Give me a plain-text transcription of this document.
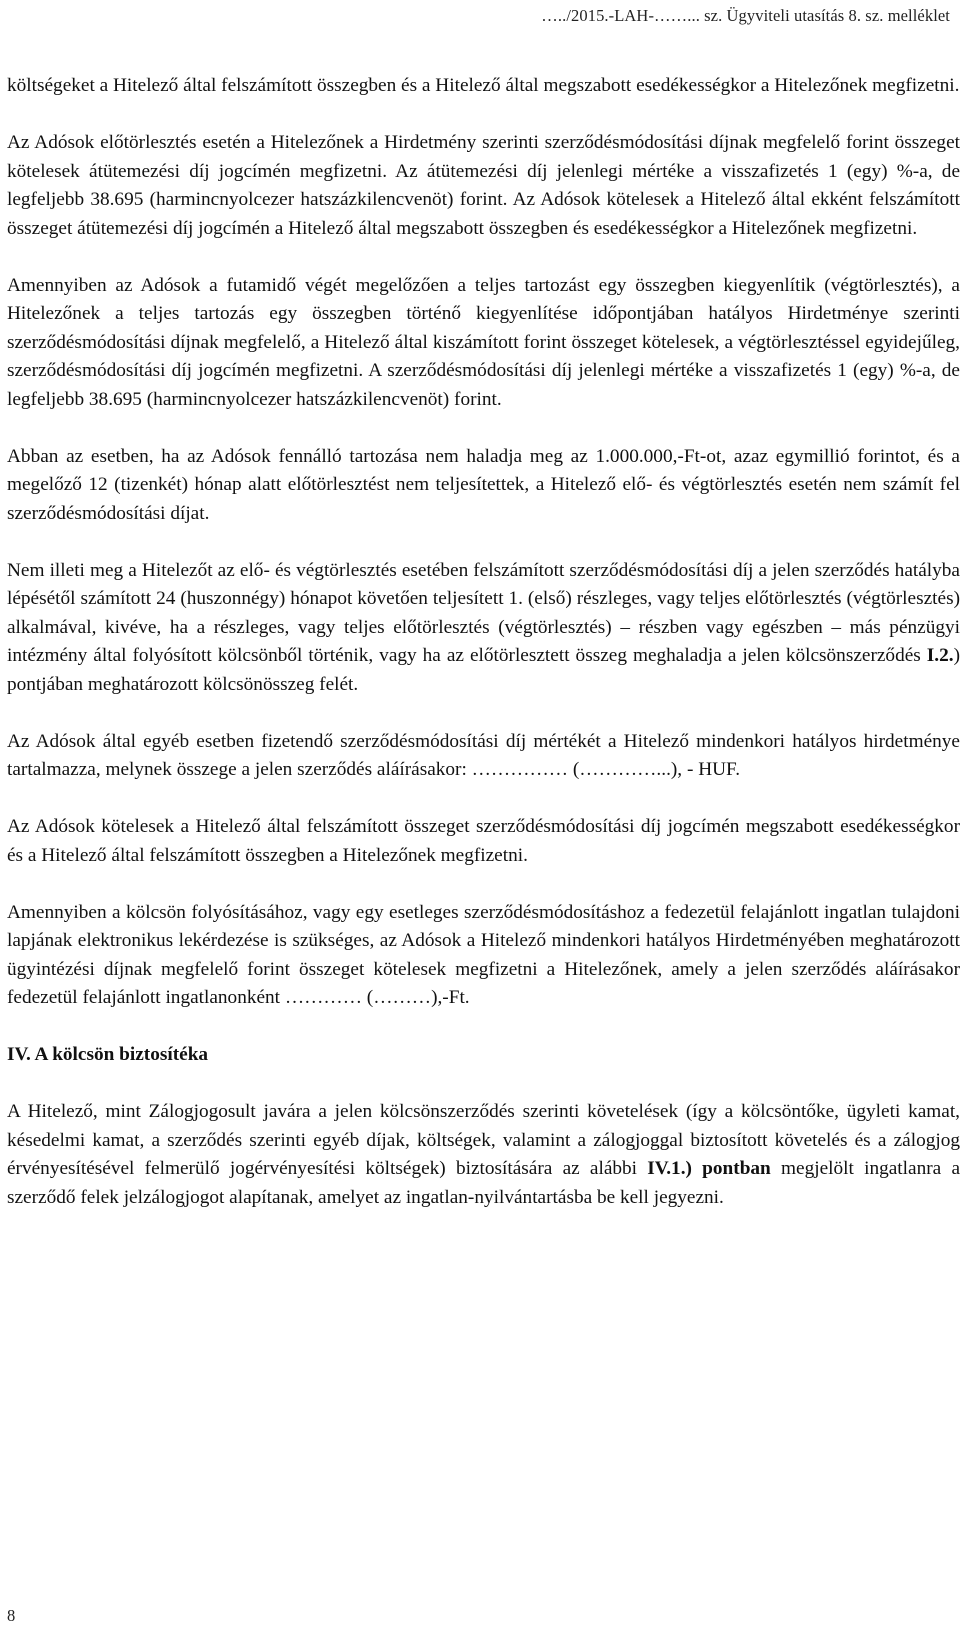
…../2015.-LAH-……... sz. Ügyviteli utasítás 8. sz. melléklet

költségeket a Hitelező által felszámított összegben és a Hitelező által megszabott esedékességkor a Hitelezőnek megfizetni.

Az Adósok előtörlesztés esetén a Hitelezőnek a Hirdetmény szerinti szerződésmódosítási díjnak megfelelő forint összeget kötelesek átütemezési díj jogcímén megfizetni. Az átütemezési díj jelenlegi mértéke a visszafizetés 1 (egy) %-a, de legfeljebb 38.695 (harmincnyolcezer hatszázkilencvenöt) forint. Az Adósok kötelesek a Hitelező által ekként felszámított összeget átütemezési díj jogcímén a Hitelező által megszabott összegben és esedékességkor a Hitelezőnek megfizetni.

Amennyiben az Adósok a futamidő végét megelőzően a teljes tartozást egy összegben kiegyenlítik (végtörlesztés), a Hitelezőnek a teljes tartozás egy összegben történő kiegyenlítése időpontjában hatályos Hirdetménye szerinti szerződésmódosítási díjnak megfelelő, a Hitelező által kiszámított forint összeget kötelesek, a végtörlesztéssel egyidejűleg, szerződésmódosítási díj jogcímén megfizetni. A szerződésmódosítási díj jelenlegi mértéke a visszafizetés 1 (egy) %-a, de legfeljebb 38.695 (harmincnyolcezer hatszázkilencvenöt) forint.

Abban az esetben, ha az Adósok fennálló tartozása nem haladja meg az 1.000.000,-Ft-ot, azaz egymillió forintot, és a megelőző 12 (tizenkét) hónap alatt előtörlesztést nem teljesítettek, a Hitelező elő- és végtörlesztés esetén nem számít fel szerződésmódosítási díjat.

Nem illeti meg a Hitelezőt az elő- és végtörlesztés esetében felszámított szerződésmódosítási díj a jelen szerződés hatályba lépésétől számított 24 (huszonnégy) hónapot követően teljesített 1. (első) részleges, vagy teljes előtörlesztés (végtörlesztés) alkalmával, kivéve, ha a részleges, vagy teljes előtörlesztés (végtörlesztés) – részben vagy egészben – más pénzügyi intézmény által folyósított kölcsönből történik, vagy ha az előtörlesztett összeg meghaladja a jelen kölcsönszerződés I.2.) pontjában meghatározott kölcsönösszeg felét.

Az Adósok által egyéb esetben fizetendő szerződésmódosítási díj mértékét a Hitelező mindenkori hatályos hirdetménye tartalmazza, melynek összege a jelen szerződés aláírásakor: …………… (…………...), - HUF.

Az Adósok kötelesek a Hitelező által felszámított összeget szerződésmódosítási díj jogcímén megszabott esedékességkor és a Hitelező által felszámított összegben a Hitelezőnek megfizetni.

Amennyiben a kölcsön folyósításához, vagy egy esetleges szerződésmódosításhoz a fedezetül felajánlott ingatlan tulajdoni lapjának elektronikus lekérdezése is szükséges, az Adósok a Hitelező mindenkori hatályos Hirdetményében meghatározott ügyintézési díjnak megfelelő forint összeget kötelesek megfizetni a Hitelezőnek, amely a jelen szerződés aláírásakor fedezetül felajánlott ingatlanonként ………… (………),-Ft.

IV. A kölcsön biztosítéka

A Hitelező, mint Zálogjogosult javára a jelen kölcsönszerződés szerinti követelések (így a kölcsöntőke, ügyleti kamat, késedelmi kamat, a szerződés szerinti egyéb díjak, költségek, valamint a zálogjoggal biztosított követelés és a zálogjog érvényesítésével felmerülő jogérvényesítési költségek) biztosítására az alábbi IV.1.) pontban megjelölt ingatlanra a szerződő felek jelzálogjogot alapítanak, amelyet az ingatlan-nyilvántartásba be kell jegyezni.

8
